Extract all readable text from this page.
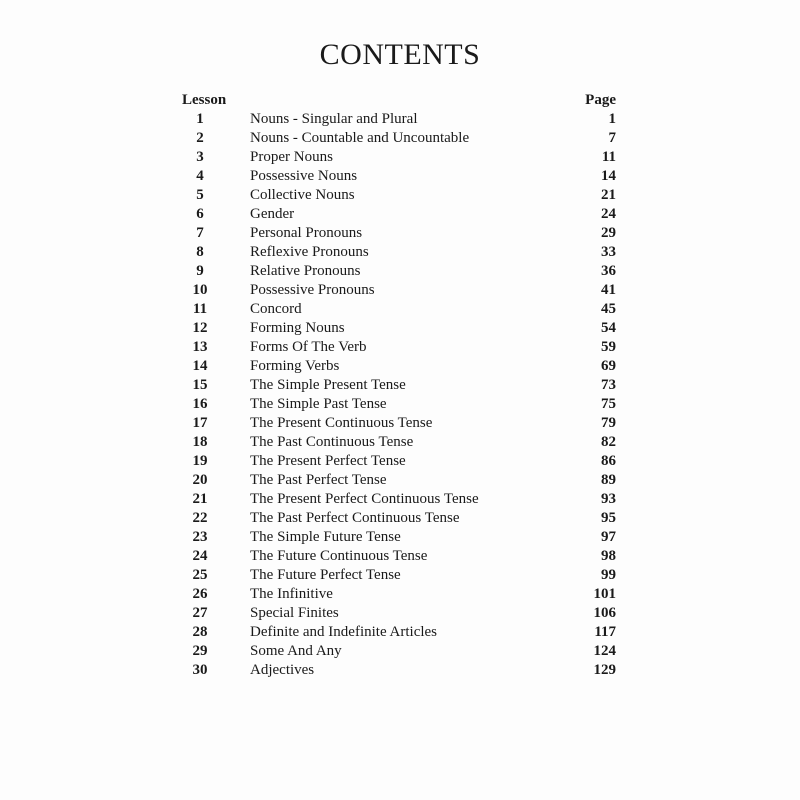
CONTENTS
Lesson	Page
1	Nouns - Singular and Plural	1
2	Nouns - Countable and Uncountable	7
3	Proper Nouns	11
4	Possessive Nouns	14
5	Collective Nouns	21
6	Gender	24
7	Personal Pronouns	29
8	Reflexive Pronouns	33
9	Relative Pronouns	36
10	Possessive Pronouns	41
11	Concord	45
12	Forming Nouns	54
13	Forms Of The Verb	59
14	Forming Verbs	69
15	The Simple Present Tense	73
16	The Simple Past Tense	75
17	The Present Continuous Tense	79
18	The Past Continuous Tense	82
19	The Present Perfect Tense	86
20	The Past Perfect Tense	89
21	The Present Perfect Continuous Tense	93
22	The Past Perfect Continuous Tense	95
23	The Simple Future Tense	97
24	The Future Continuous Tense	98
25	The Future Perfect Tense	99
26	The Infinitive	101
27	Special Finites	106
28	Definite and Indefinite Articles	117
29	Some And Any	124
30	Adjectives	129
